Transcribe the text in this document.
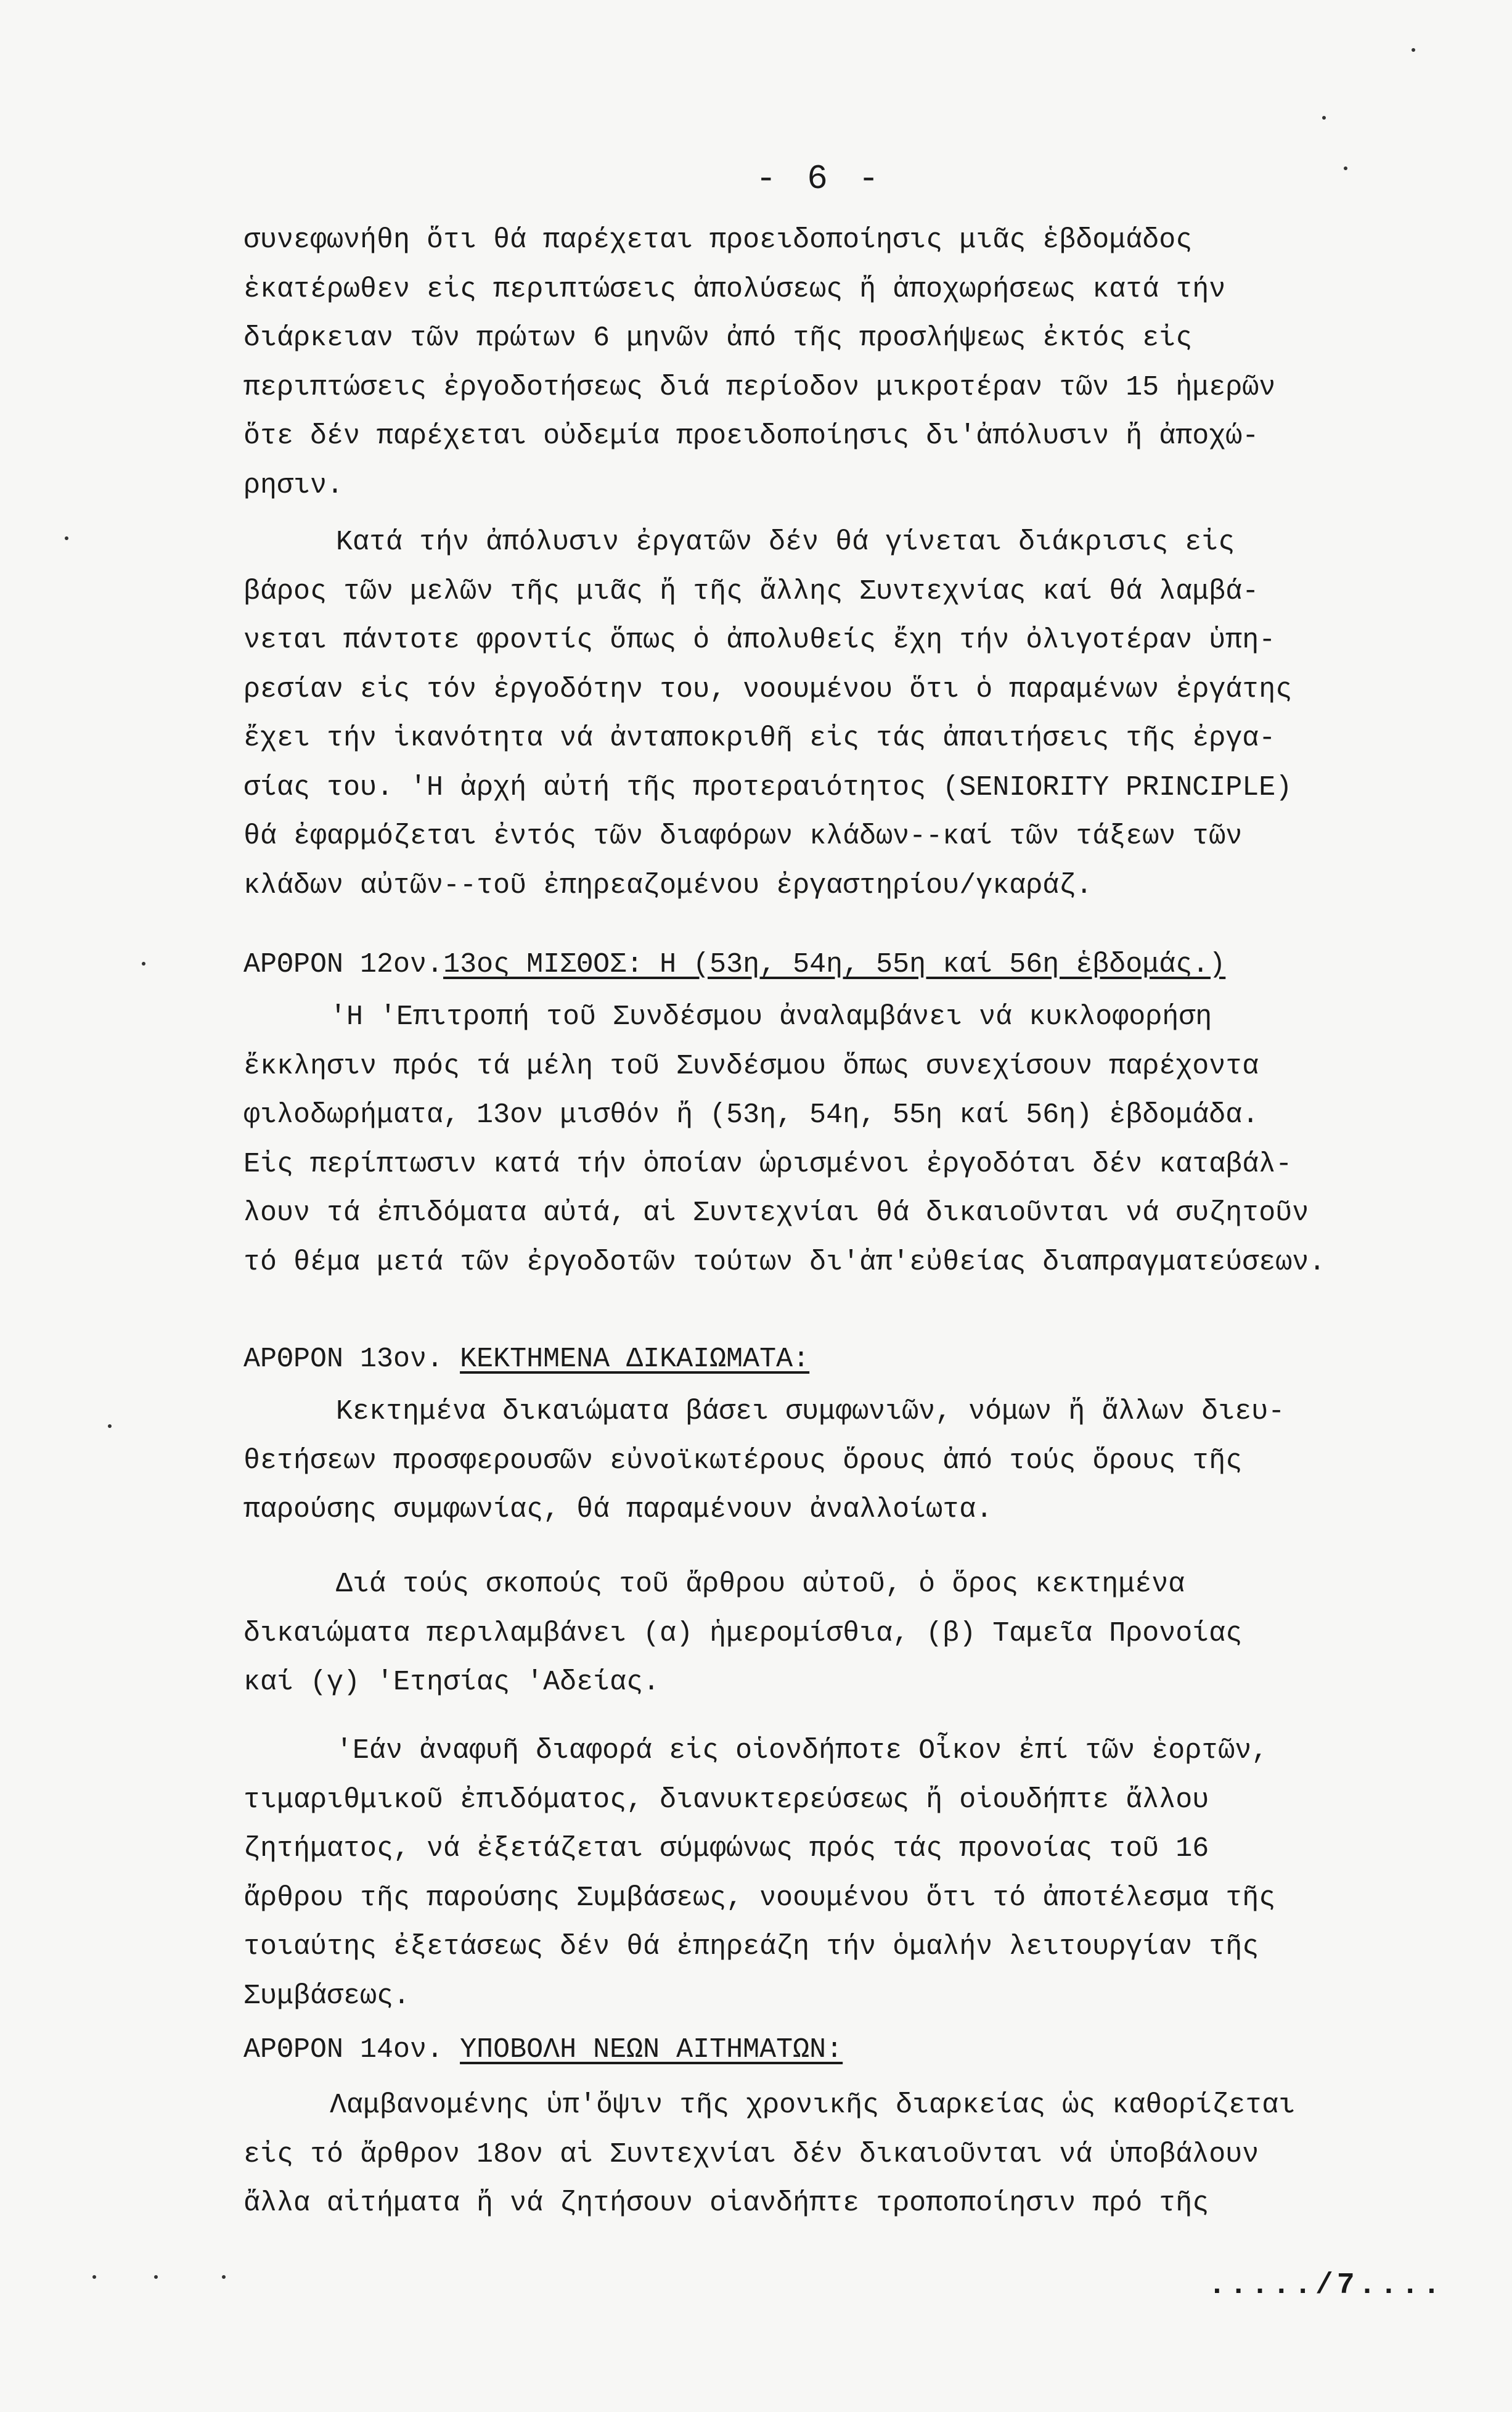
- 6 -
συνεφωνήθη ὅτι θά παρέχεται προειδοποίησις μιᾶς ἑβδομάδος
ἑκατέρωθεν εἰς περιπτώσεις ἀπολύσεως ἤ ἀποχωρήσεως κατά τήν
διάρκειαν τῶν πρώτων 6 μηνῶν ἀπό τῆς προσλήψεως ἐκτός εἰς
περιπτώσεις ἐργοδοτήσεως διά περίοδον μικροτέραν τῶν 15 ἡμερῶν
ὅτε δέν παρέχεται οὐδεμία προειδοποίησις δι'ἀπόλυσιν ἤ ἀποχώ-
ρησιν.
Κατά τήν ἀπόλυσιν ἐργατῶν δέν θά γίνεται διάκρισις εἰς
βάρος τῶν μελῶν τῆς μιᾶς ἤ τῆς ἄλλης Συντεχνίας καί θά λαμβά-
νεται πάντοτε φροντίς ὅπως ὁ ἀπολυθείς ἔχη τήν ὀλιγοτέραν ὑπη-
ρεσίαν εἰς τόν ἐργοδότην του, νοουμένου ὅτι ὁ παραμένων ἐργάτης
ἔχει τήν ἱκανότητα νά ἀνταποκριθῆ εἰς τάς ἀπαιτήσεις τῆς ἐργα-
σίας του. 'Η ἀρχή αὐτή τῆς προτεραιότητος (SENIORITY PRINCIPLE)
θά ἐφαρμόζεται ἐντός τῶν διαφόρων κλάδων--καί τῶν τάξεων τῶν
κλάδων αὐτῶν--τοῦ ἐπηρεαζομένου ἐργαστηρίου/γκαράζ.
ΑΡΘΡΟΝ 12ον.13ος ΜΙΣΘΟΣ: Η (53η, 54η, 55η καί 56η ἑβδομάς.)
'Η 'Επιτροπή τοῦ Συνδέσμου ἀναλαμβάνει νά κυκλοφορήση
ἔκκλησιν πρός τά μέλη τοῦ Συνδέσμου ὅπως συνεχίσουν παρέχοντα
φιλοδωρήματα, 13ον μισθόν ἤ (53η, 54η, 55η καί 56η) ἑβδομάδα.
Εἰς περίπτωσιν κατά τήν ὁποίαν ὡρισμένοι ἐργοδόται δέν καταβάλ-
λουν τά ἐπιδόματα αὐτά, αἱ Συντεχνίαι θά δικαιοῦνται νά συζητοῦν
τό θέμα μετά τῶν ἐργοδοτῶν τούτων δι'ἀπ'εὐθείας διαπραγματεύσεων.
ΑΡΘΡΟΝ 13ον. ΚΕΚΤΗΜΕΝΑ ΔΙΚΑΙΩΜΑΤΑ:
Κεκτημένα δικαιώματα βάσει συμφωνιῶν, νόμων ἤ ἄλλων διευ-
θετήσεων προσφερουσῶν εὐνοϊκωτέρους ὅρους ἀπό τούς ὅρους τῆς
παρούσης συμφωνίας, θά παραμένουν ἀναλλοίωτα.
Διά τούς σκοπούς τοῦ ἄρθρου αὐτοῦ, ὁ ὅρος κεκτημένα
δικαιώματα περιλαμβάνει (α) ἡμερομίσθια, (β) Ταμεῖα Προνοίας
καί (γ) 'Ετησίας 'Αδείας.
'Εάν ἀναφυῆ διαφορά εἰς οἱονδήποτε Οἶκον ἐπί τῶν ἑορτῶν,
τιμαριθμικοῦ ἐπιδόματος, διανυκτερεύσεως ἤ οἱουδήπτε ἄλλου
ζητήματος, νά ἐξετάζεται σύμφώνως πρός τάς προνοίας τοῦ 16
ἄρθρου τῆς παρούσης Συμβάσεως, νοουμένου ὅτι τό ἀποτέλεσμα τῆς
τοιαύτης ἐξετάσεως δέν θά ἐπηρεάζη τήν ὁμαλήν λειτουργίαν τῆς
Συμβάσεως.
ΑΡΘΡΟΝ 14ον. ΥΠΟΒΟΛΗ ΝΕΩΝ ΑΙΤΗΜΑΤΩΝ:
Λαμβανομένης ὑπ'ὄψιν τῆς χρονικῆς διαρκείας ὡς καθορίζεται
εἰς τό ἄρθρον 18ον αἱ Συντεχνίαι δέν δικαιοῦνται νά ὑποβάλουν
ἄλλα αἰτήματα ἤ νά ζητήσουν οἱανδήπτε τροποποίησιν πρό τῆς
...../7....
